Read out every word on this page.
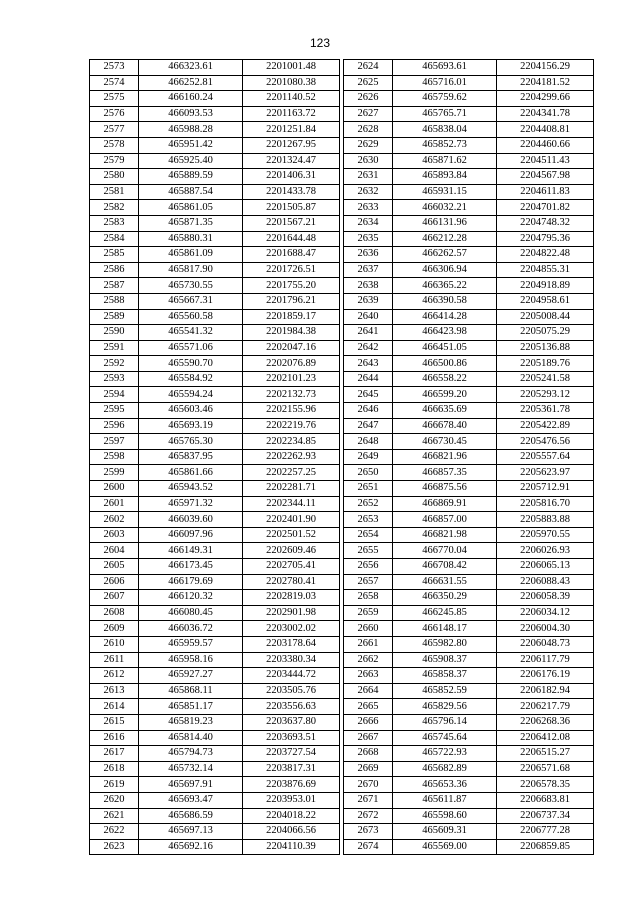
123
2573	466323.61	2201001.48
2574	466252.81	2201080.38
2575	466160.24	2201140.52
2576	466093.53	2201163.72
2577	465988.28	2201251.84
2578	465951.42	2201267.95
2579	465925.40	2201324.47
2580	465889.59	2201406.31
2581	465887.54	2201433.78
2582	465861.05	2201505.87
2583	465871.35	2201567.21
2584	465880.31	2201644.48
2585	465861.09	2201688.47
2586	465817.90	2201726.51
2587	465730.55	2201755.20
2588	465667.31	2201796.21
2589	465560.58	2201859.17
2590	465541.32	2201984.38
2591	465571.06	2202047.16
2592	465590.70	2202076.89
2593	465584.92	2202101.23
2594	465594.24	2202132.73
2595	465603.46	2202155.96
2596	465693.19	2202219.76
2597	465765.30	2202234.85
2598	465837.95	2202262.93
2599	465861.66	2202257.25
2600	465943.52	2202281.71
2601	465971.32	2202344.11
2602	466039.60	2202401.90
2603	466097.96	2202501.52
2604	466149.31	2202609.46
2605	466173.45	2202705.41
2606	466179.69	2202780.41
2607	466120.32	2202819.03
2608	466080.45	2202901.98
2609	466036.72	2203002.02
2610	465959.57	2203178.64
2611	465958.16	2203380.34
2612	465927.27	2203444.72
2613	465868.11	2203505.76
2614	465851.17	2203556.63
2615	465819.23	2203637.80
2616	465814.40	2203693.51
2617	465794.73	2203727.54
2618	465732.14	2203817.31
2619	465697.91	2203876.69
2620	465693.47	2203953.01
2621	465686.59	2204018.22
2622	465697.13	2204066.56
2623	465692.16	2204110.39
2624	465693.61	2204156.29
2625	465716.01	2204181.52
2626	465759.62	2204299.66
2627	465765.71	2204341.78
2628	465838.04	2204408.81
2629	465852.73	2204460.66
2630	465871.62	2204511.43
2631	465893.84	2204567.98
2632	465931.15	2204611.83
2633	466032.21	2204701.82
2634	466131.96	2204748.32
2635	466212.28	2204795.36
2636	466262.57	2204822.48
2637	466306.94	2204855.31
2638	466365.22	2204918.89
2639	466390.58	2204958.61
2640	466414.28	2205008.44
2641	466423.98	2205075.29
2642	466451.05	2205136.88
2643	466500.86	2205189.76
2644	466558.22	2205241.58
2645	466599.20	2205293.12
2646	466635.69	2205361.78
2647	466678.40	2205422.89
2648	466730.45	2205476.56
2649	466821.96	2205557.64
2650	466857.35	2205623.97
2651	466875.56	2205712.91
2652	466869.91	2205816.70
2653	466857.00	2205883.88
2654	466821.98	2205970.55
2655	466770.04	2206026.93
2656	466708.42	2206065.13
2657	466631.55	2206088.43
2658	466350.29	2206058.39
2659	466245.85	2206034.12
2660	466148.17	2206004.30
2661	465982.80	2206048.73
2662	465908.37	2206117.79
2663	465858.37	2206176.19
2664	465852.59	2206182.94
2665	465829.56	2206217.79
2666	465796.14	2206268.36
2667	465745.64	2206412.08
2668	465722.93	2206515.27
2669	465682.89	2206571.68
2670	465653.36	2206578.35
2671	465611.87	2206683.81
2672	465598.60	2206737.34
2673	465609.31	2206777.28
2674	465569.00	2206859.85
